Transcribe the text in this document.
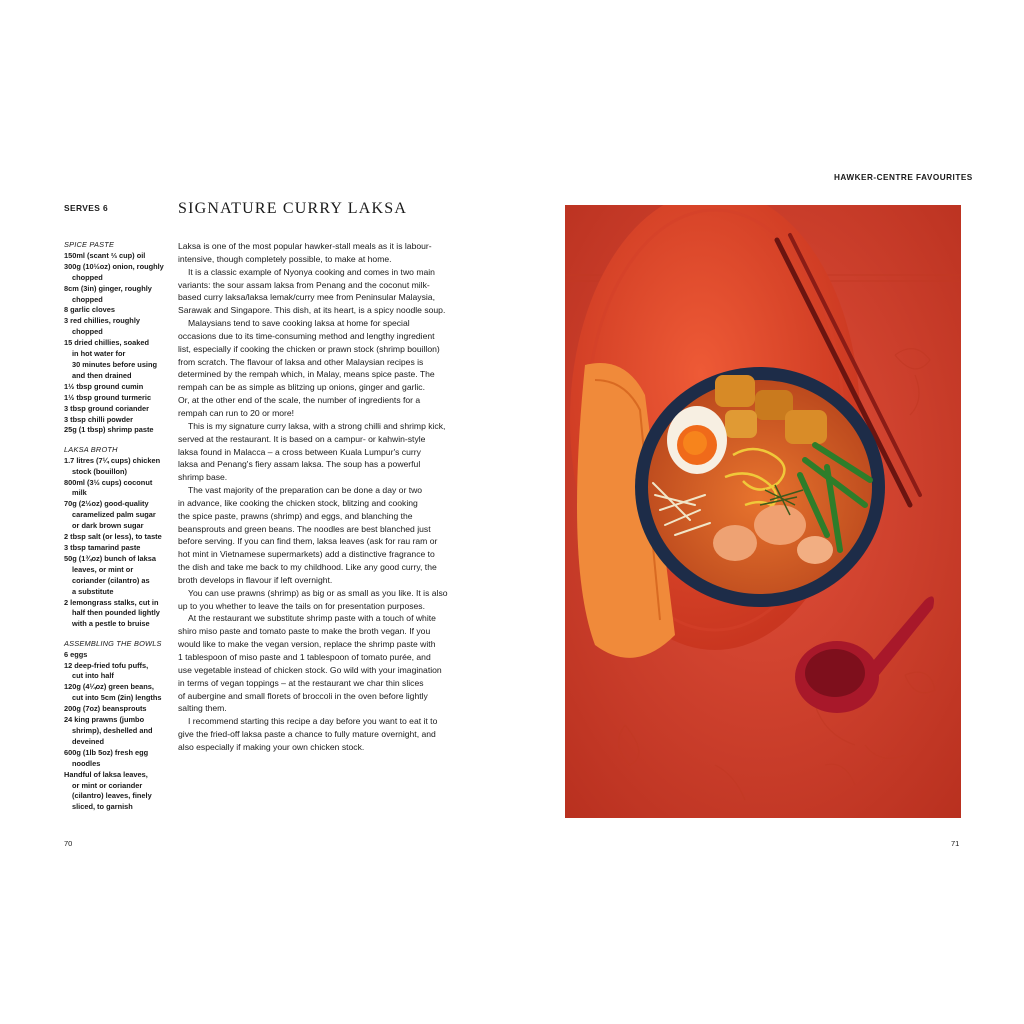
HAWKER-CENTRE FAVOURITES
SERVES 6	SIGNATURE CURRY LAKSA
SPICE PASTE
150ml (scant ⅔ cup) oil
300g (10½oz) onion, roughly
chopped
8cm (3in) ginger, roughly
chopped
8 garlic cloves
3 red chillies, roughly
chopped
15 dried chillies, soaked
in hot water for
30 minutes before using
and then drained
1½ tbsp ground cumin
1½ tbsp ground turmeric
3 tbsp ground coriander
3 tbsp chilli powder
25g (1 tbsp) shrimp paste
LAKSA BROTH
1.7 litres (7¼ cups) chicken
stock (bouillon)
800ml (3½ cups) coconut
milk
70g (2½oz) good-quality
caramelized palm sugar
or dark brown sugar
2 tbsp salt (or less), to taste
3 tbsp tamarind paste
50g (1¾oz) bunch of laksa
leaves, or mint or
coriander (cilantro) as
a substitute
2 lemongrass stalks, cut in
half then pounded lightly
with a pestle to bruise
ASSEMBLING THE BOWLS
6 eggs
12 deep-fried tofu puffs,
cut into half
120g (4¼oz) green beans,
cut into 5cm (2in) lengths
200g (7oz) beansprouts
24 king prawns (jumbo
shrimp), deshelled and
deveined
600g (1lb 5oz) fresh egg
noodles
Handful of laksa leaves,
or mint or coriander
(cilantro) leaves, finely
sliced, to garnish
Laksa is one of the most popular hawker-stall meals as it is labour-
intensive, though completely possible, to make at home.
It is a classic example of Nyonya cooking and comes in two main
variants: the sour assam laksa from Penang and the coconut milk-
based curry laksa/laksa lemak/curry mee from Peninsular Malaysia,
Sarawak and Singapore. This dish, at its heart, is a spicy noodle soup.
Malaysians tend to save cooking laksa at home for special
occasions due to its time-consuming method and lengthy ingredient
list, especially if cooking the chicken or prawn stock (shrimp bouillon)
from scratch. The flavour of laksa and other Malaysian recipes is
determined by the rempah which, in Malay, means spice paste. The
rempah can be as simple as blitzing up onions, ginger and garlic.
Or, at the other end of the scale, the number of ingredients for a
rempah can run to 20 or more!
This is my signature curry laksa, with a strong chilli and shrimp kick,
served at the restaurant. It is based on a campur- or kahwin-style
laksa found in Malacca – a cross between Kuala Lumpur's curry
laksa and Penang's fiery assam laksa. The soup has a powerful
shrimp base.
The vast majority of the preparation can be done a day or two
in advance, like cooking the chicken stock, blitzing and cooking
the spice paste, prawns (shrimp) and eggs, and blanching the
beansprouts and green beans. The noodles are best blanched just
before serving. If you can find them, laksa leaves (ask for rau ram or
hot mint in Vietnamese supermarkets) add a distinctive fragrance to
the dish and take me back to my childhood. Like any good curry, the
broth develops in flavour if left overnight.
You can use prawns (shrimp) as big or as small as you like. It is also
up to you whether to leave the tails on for presentation purposes.
At the restaurant we substitute shrimp paste with a touch of white
shiro miso paste and tomato paste to make the broth vegan. If you
would like to make the vegan version, replace the shrimp paste with
1 tablespoon of miso paste and 1 tablespoon of tomato purée, and
use vegetable instead of chicken stock. Go wild with your imagination
in terms of vegan toppings – at the restaurant we char thin slices
of aubergine and small florets of broccoli in the oven before lightly
salting them.
I recommend starting this recipe a day before you want to eat it to
give the fried-off laksa paste a chance to fully mature overnight, and
also especially if making your own chicken stock.
70	71
